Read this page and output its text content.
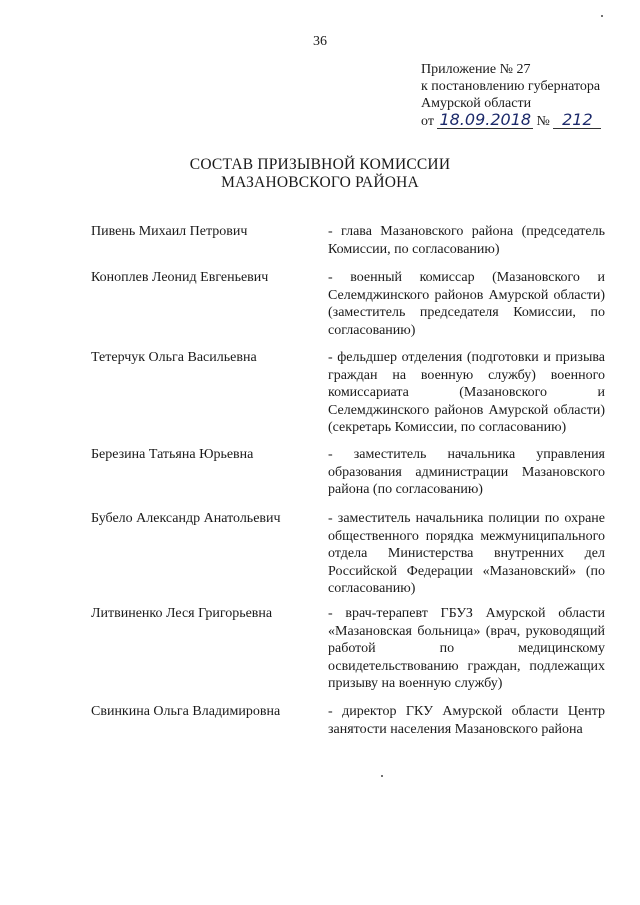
36
Приложение № 27
к постановлению губернатора
Амурской области
от 18.09.2018 № 212
СОСТАВ ПРИЗЫВНОЙ КОМИССИИ
МАЗАНОВСКОГО РАЙОНА
Пивень Михаил Петрович	- глава Мазановского района (председатель Комиссии, по согласованию)
Коноплев Леонид Евгеньевич	- военный комиссар (Мазановского и Селемджинского районов Амурской области) (заместитель председателя Комиссии, по согласованию)
Тетерчук Ольга Васильевна	- фельдшер отделения (подготовки и призыва граждан на военную службу) военного комиссариата (Мазановского и Селемджинского районов Амурской области) (секретарь Комиссии, по согласованию)
Березина Татьяна Юрьевна	- заместитель начальника управления образования администрации Мазановского района (по согласованию)
Бубело Александр Анатольевич	- заместитель начальника полиции по охране общественного порядка межмуниципального отдела Министерства внутренних дел Российской Федерации «Мазановский» (по согласованию)
Литвиненко Леся Григорьевна	- врач-терапевт ГБУЗ Амурской области «Мазановская больница» (врач, руководящий работой по медицинскому освидетельствованию граждан, подлежащих призыву на военную службу)
Свинкина Ольга Владимировна	- директор ГКУ Амурской области Центр занятости населения Мазановского района
